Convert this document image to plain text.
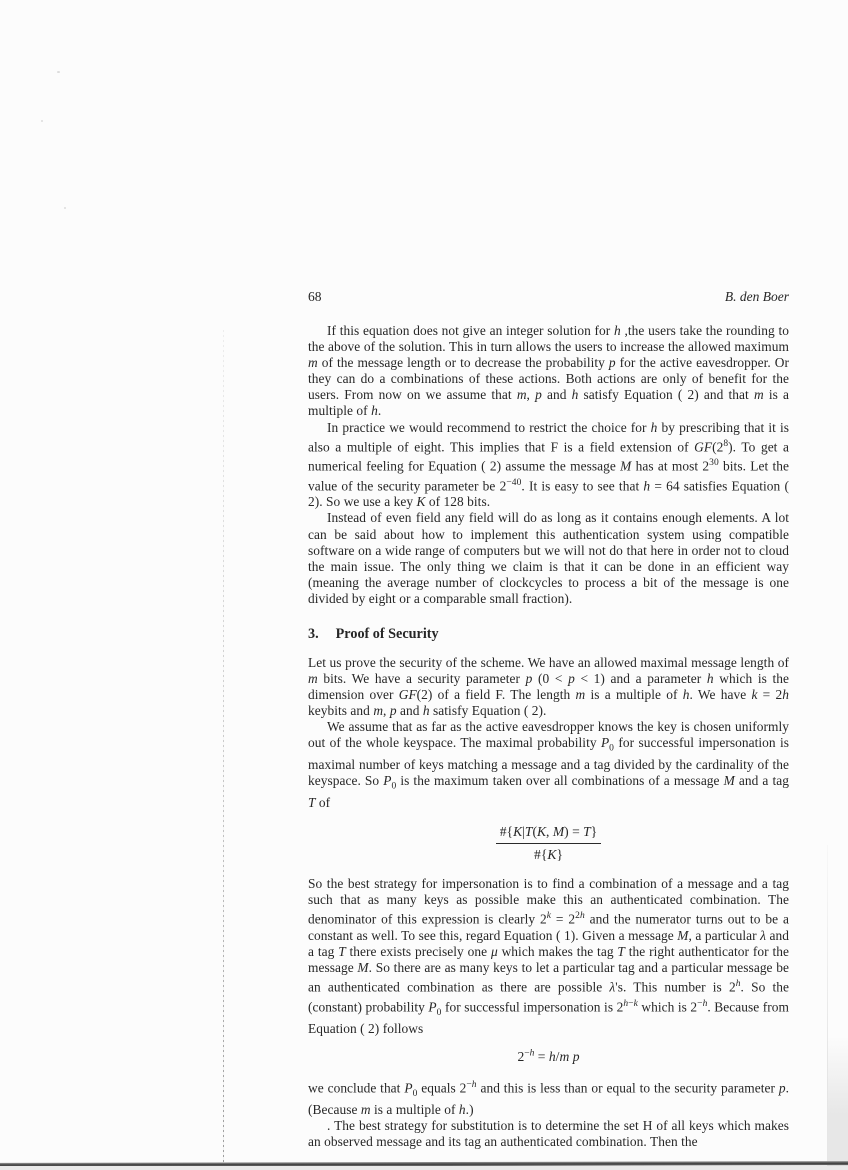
68	B. den Boer

If this equation does not give an integer solution for h ,the users take the rounding to the above of the solution. This in turn allows the users to increase the allowed maximum m of the message length or to decrease the probability p for the active eavesdropper. Or they can do a combinations of these actions. Both actions are only of benefit for the users. From now on we assume that m, p and h satisfy Equation ( 2) and that m is a multiple of h.

In practice we would recommend to restrict the choice for h by prescribing that it is also a multiple of eight. This implies that F is a field extension of $GF(2^8)$. To get a numerical feeling for Equation ( 2) assume the message M has at most $2^{30}$ bits. Let the value of the security parameter be $2^{-40}$. It is easy to see that h = 64 satisfies Equation ( 2). So we use a key K of 128 bits.

Instead of even field any field will do as long as it contains enough elements. A lot can be said about how to implement this authentication system using compatible software on a wide range of computers but we will not do that here in order not to cloud the main issue. The only thing we claim is that it can be done in an efficient way (meaning the average number of clockcycles to process a bit of the message is one divided by eight or a comparable small fraction).

3. Proof of Security

Let us prove the security of the scheme. We have an allowed maximal message length of m bits. We have a security parameter p (0 < p < 1) and a parameter h which is the dimension over GF(2) of a field F. The length m is a multiple of h. We have k = 2h keybits and m, p and h satisfy Equation ( 2).

We assume that as far as the active eavesdropper knows the key is chosen uniformly out of the whole keyspace. The maximal probability $P_0$ for successful impersonation is maximal number of keys matching a message and a tag divided by the cardinality of the keyspace. So $P_0$ is the maximum taken over all combinations of a message M and a tag T of

$\frac{\#\{K|T(K, M) = T\}}{\#\{K\}}$

So the best strategy for impersonation is to find a combination of a message and a tag such that as many keys as possible make this an authenticated combination. The denominator of this expression is clearly $2^k = 2^{2h}$ and the numerator turns out to be a constant as well. To see this, regard Equation ( 1). Given a message M, a particular λ and a tag T there exists precisely one μ which makes the tag T the right authenticator for the message M. So there are as many keys to let a particular tag and a particular message be an authenticated combination as there are possible λ's. This number is 2$^h$. So the (constant) probability $P_0$ for successful impersonation is $2^{h-k}$ which is $2^{-h}$. Because from Equation ( 2) follows

$2^{-h} = h/m$ p

we conclude that $P_0$ equals $2^{-h}$ and this is less than or equal to the security parameter p. (Because m is a multiple of h.)

. The best strategy for substitution is to determine the set H of all keys which makes an observed message and its tag an authenticated combination. Then the
